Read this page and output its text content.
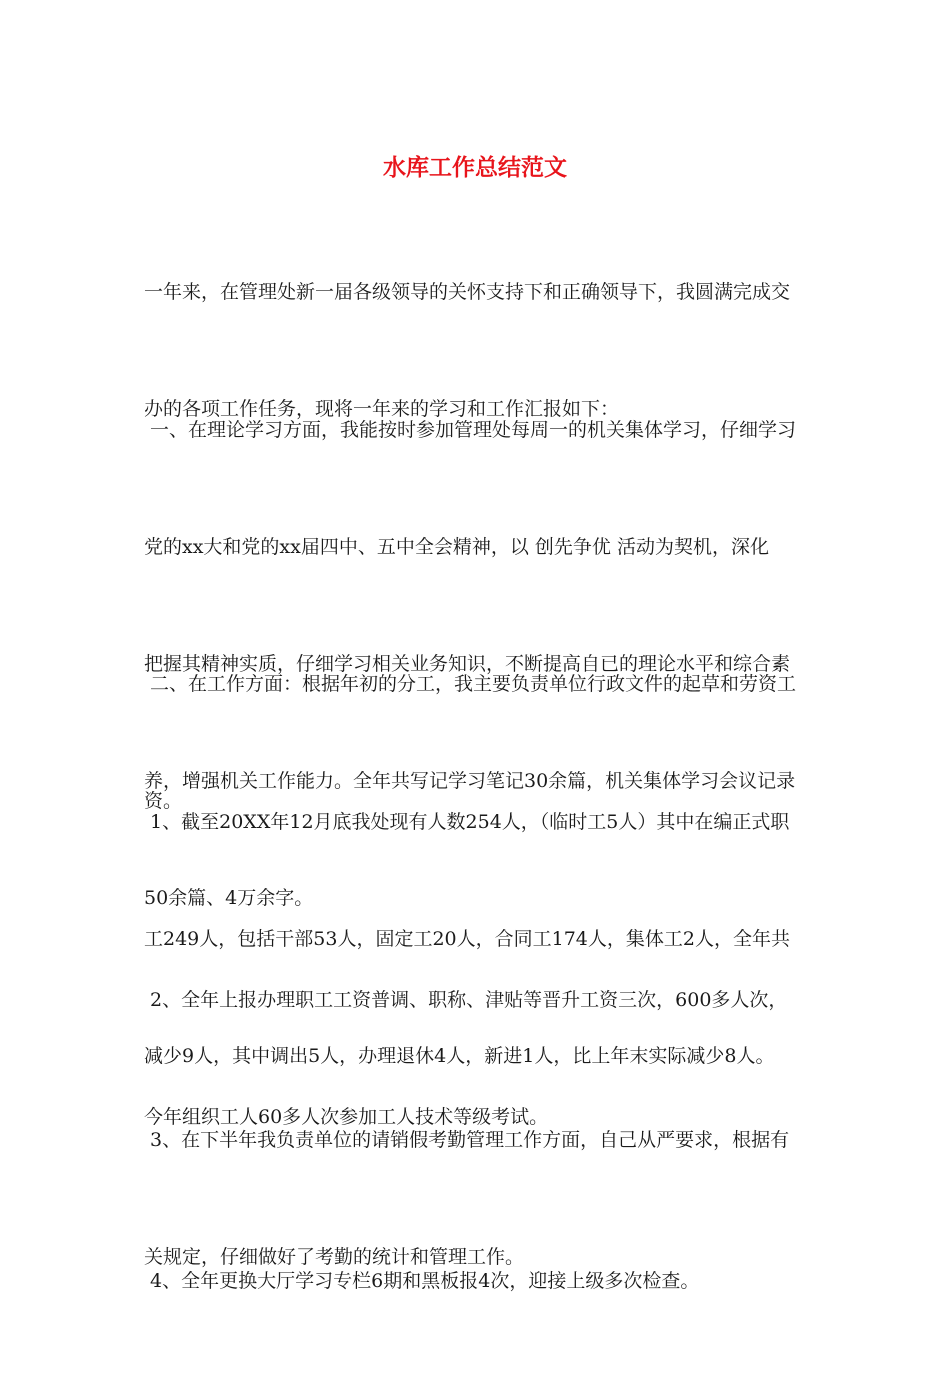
水库工作总结范文

一年来，在管理处新一届各级领导的关怀支持下和正确领导下，我圆满完成交

办的各项工作任务，现将一年来的学习和工作汇报如下：

一、在理论学习方面，我能按时参加管理处每周一的机关集体学习，仔细学习

党的xx大和党的xx届四中、五中全会精神，以 创先争优 活动为契机，深化

把握其精神实质，仔细学习相关业务知识，不断提高自已的理论水平和综合素

养，增强机关工作能力。全年共写记学习笔记30余篇，机关集体学习会议记录

50余篇、4万余字。

二、在工作方面：根据年初的分工，我主要负责单位行政文件的起草和劳资工

资。

1、截至20XX年12月底我处现有人数254人，（临时工5人）其中在编正式职

工249人，包括干部53人，固定工20人，合同工174人，集体工2人，全年共

减少9人，其中调出5人，办理退休4人，新进1人，比上年末实际减少8人。

2、全年上报办理职工工资普调、职称、津贴等晋升工资三次，600多人次，

今年组织工人60多人次参加工人技术等级考试。

3、在下半年我负责单位的请销假考勤管理工作方面，自己从严要求，根据有

关规定，仔细做好了考勤的统计和管理工作。

4、全年更换大厅学习专栏6期和黑板报4次，迎接上级多次检查。
